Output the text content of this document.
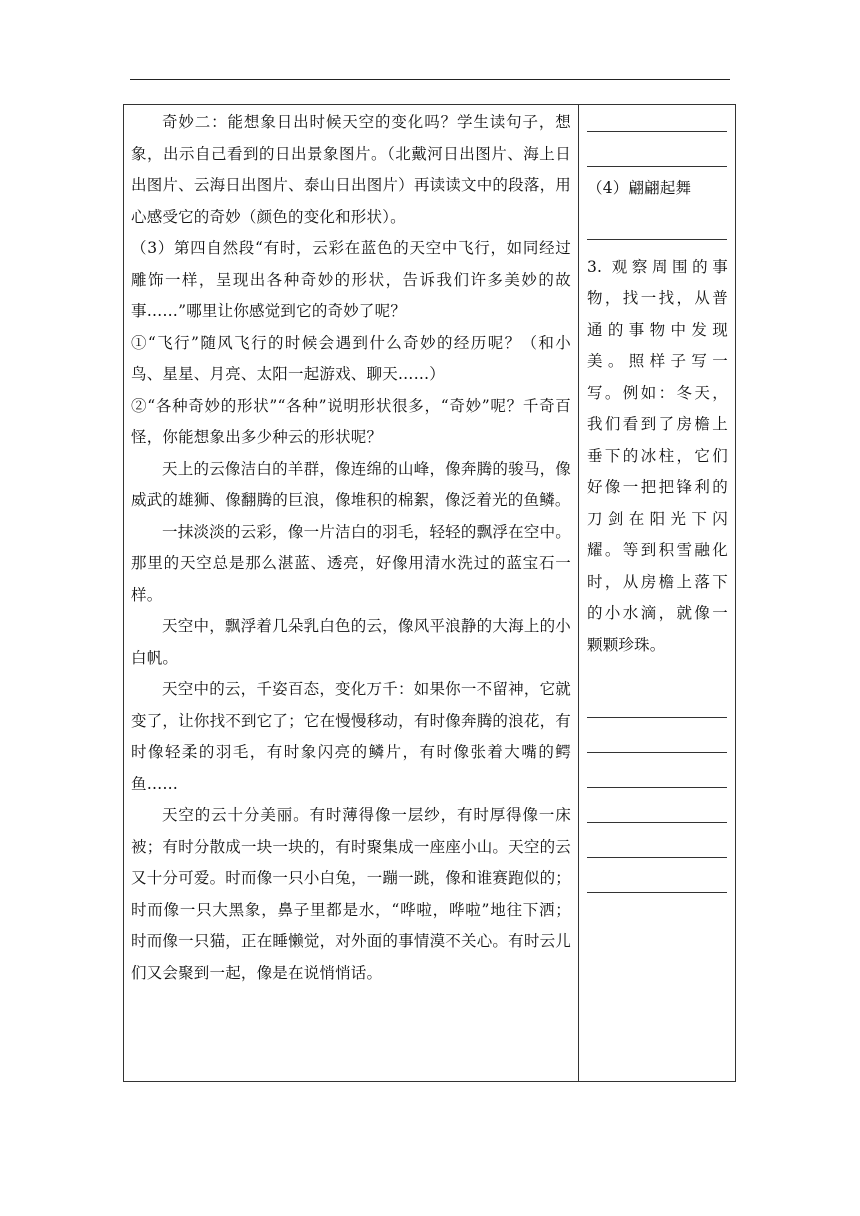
奇妙二：能想象日出时候天空的变化吗？学生读句子，想象，出示自己看到的日出景象图片。（北戴河日出图片、海上日出图片、云海日出图片、泰山日出图片）再读读文中的段落，用心感受它的奇妙（颜色的变化和形状）。

（3）第四自然段“有时，云彩在蓝色的天空中飞行，如同经过雕饰一样，呈现出各种奇妙的形状，告诉我们许多美妙的故事……”哪里让你感觉到它的奇妙了呢？

①“飞行”随风飞行的时候会遇到什么奇妙的经历呢？（和小鸟、星星、月亮、太阳一起游戏、聊天……）

②“各种奇妙的形状”“各种”说明形状很多，“奇妙”呢？千奇百怪，你能想象出多少种云的形状呢？

天上的云像洁白的羊群，像连绵的山峰，像奔腾的骏马，像威武的雄狮、像翻腾的巨浪，像堆积的棉絮，像泛着光的鱼鳞。

一抹淡淡的云彩，像一片洁白的羽毛，轻轻的飘浮在空中。那里的天空总是那么湛蓝、透亮，好像用清水洗过的蓝宝石一样。

天空中，飘浮着几朵乳白色的云，像风平浪静的大海上的小白帆。

天空中的云，千姿百态，变化万千：如果你一不留神，它就变了，让你找不到它了；它在慢慢移动，有时像奔腾的浪花，有时像轻柔的羽毛，有时象闪亮的鳞片，有时像张着大嘴的鳄鱼……

天空的云十分美丽。有时薄得像一层纱，有时厚得像一床被；有时分散成一块一块的，有时聚集成一座座小山。天空的云又十分可爱。时而像一只小白兔，一蹦一跳，像和谁赛跑似的；时而像一只大黑象，鼻子里都是水，“哗啦，哗啦”地往下洒；时而像一只猫，正在睡懒觉，对外面的事情漠不关心。有时云儿们又会聚到一起，像是在说悄悄话。

（4）翩翩起舞

3. 观察周围的事物，找一找，从普通的事物中发现美。照样子写一写。例如：冬天，我们看到了房檐上垂下的冰柱，它们好像一把把锋利的刀剑在阳光下闪耀。等到积雪融化时，从房檐上落下的小水滴，就像一颗颗珍珠。
